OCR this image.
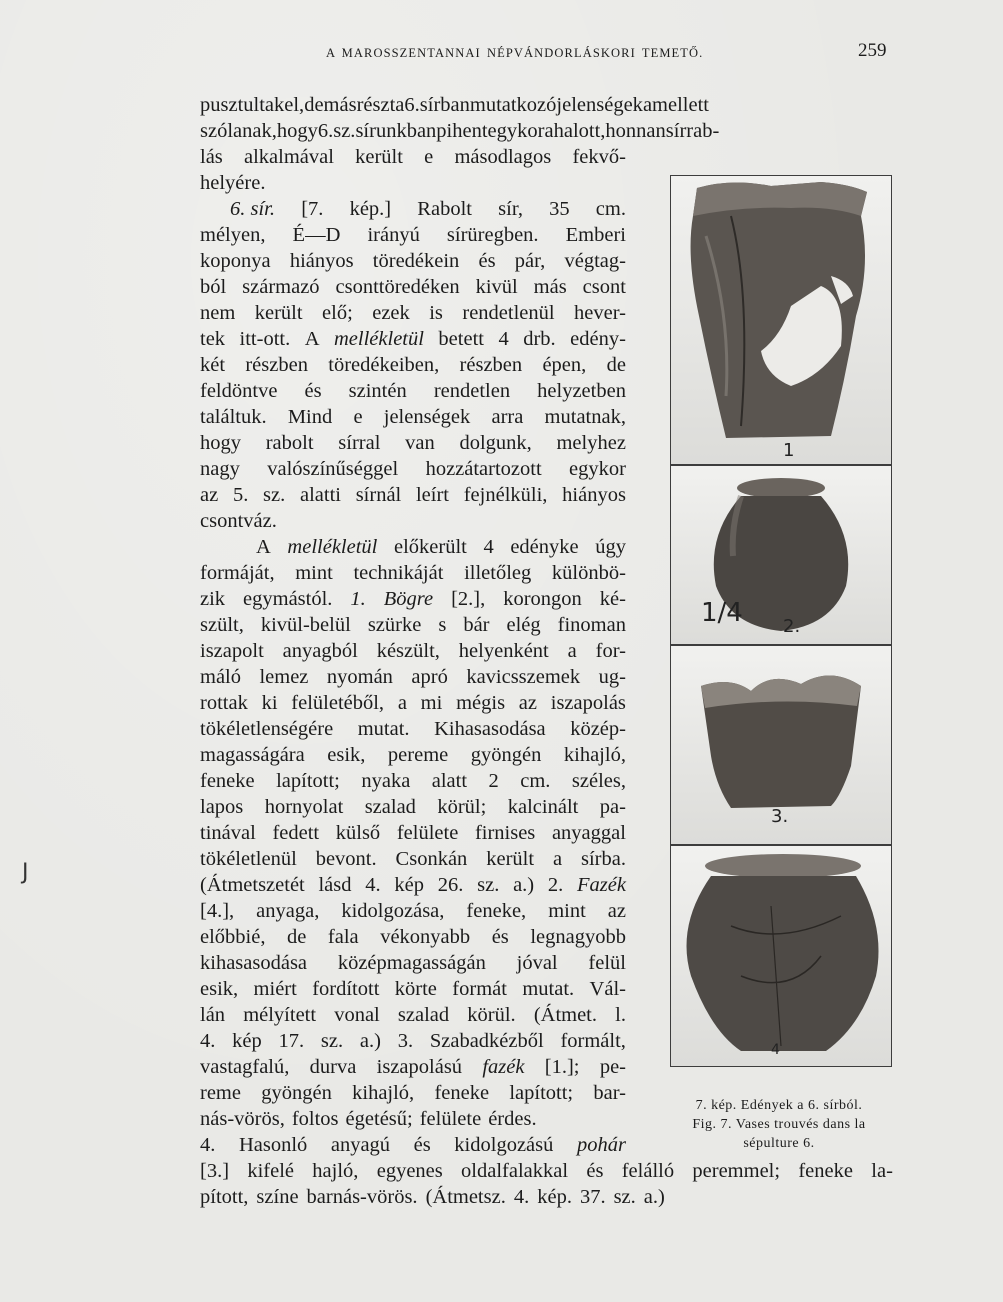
A MAROSSZENTANNAI NÉPVÁNDORLÁSKORI TEMETŐ.	259
pusztultak el, de másrészt a 6. sírban mutatkozó jelenségek amellett
szólanak, hogy 6. sz. sírunkban pihent egykor a halott, honnan sírrab-
lás alkalmával került e másodlagos fekvő-
helyére.
6. sír. [7. kép.] Rabolt sír, 35 cm.
mélyen, É—D irányú sírüregben. Emberi
koponya hiányos töredékein és pár, végtag-
ból származó csonttöredéken kivül más csont
nem került elő; ezek is rendetlenül hever-
tek itt-ott. A mellékletül betett 4 drb. edény-
két részben töredékeiben, részben épen, de
feldöntve és szintén rendetlen helyzetben
találtuk. Mind e jelenségek arra mutatnak,
hogy rabolt sírral van dolgunk, melyhez
nagy valószínűséggel hozzátartozott egykor
az 5. sz. alatti sírnál leírt fejnélküli, hiányos
csontváz.
A mellékletül előkerült 4 edényke úgy
formáját, mint technikáját illetőleg különbö-
zik egymástól. 1. Bögre [2.], korongon ké-
szült, kivül-belül szürke s bár elég finoman
iszapolt anyagból készült, helyenként a for-
máló lemez nyomán apró kavicsszemek ug-
rottak ki felületéből, a mi mégis az iszapolás
tökéletlenségére mutat. Kihasasodása közép-
magasságára esik, pereme gyöngén kihajló,
feneke lapított; nyaka alatt 2 cm. széles,
lapos hornyolat szalad körül; kalcinált pa-
tinával fedett külső felülete firnises anyaggal
tökéletlenül bevont. Csonkán került a sírba.
(Átmetszetét lásd 4. kép 26. sz. a.) 2. Fazék
[4.], anyaga, kidolgozása, feneke, mint az
előbbié, de fala vékonyabb és legnagyobb
kihasasodása középmagasságán jóval felül
esik, miért fordított körte formát mutat. Vál-
lán mélyített vonal szalad körül. (Átmet. l.
4. kép 17. sz. a.) 3. Szabadkézből formált,
vastagfalú, durva iszapolású fazék [1.]; pe-
reme gyöngén kihajló, feneke lapított; bar-
nás-vörös, foltos égetésű; felülete érdes.
4. Hasonló anyagú és kidolgozású pohár
[3.] kifelé hajló, egyenes oldalfalakkal és felálló peremmel; feneke la-
pított, színe barnás-vörös. (Átmetsz. 4. kép. 37. sz. a.)
1
1/4 2.
3.
4
7. kép. Edények a 6. sírból.
Fig. 7. Vases trouvés dans la
sépulture 6.
J
